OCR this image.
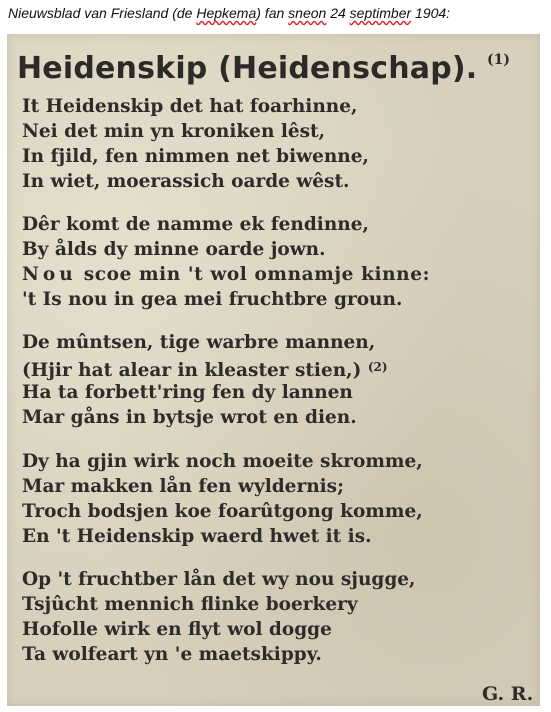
Nieuwsblad van Friesland (de Hepkema) fan sneon 24 septimber 1904:
Heidenskip (Heidenschap). (1)
It Heidenskip det hat foarhinne,
Nei det min yn kroniken lêst,
In fjild, fen nimmen net biwenne,
In wiet, moerassich oarde wêst.
Dêr komt de namme ek fendinne,
By ålds dy minne oarde jown.
Nou scoe min 't wol omnamje kinne:
't Is nou in gea mei fruchtbre groun.
De mûntsen, tige warbre mannen,
(Hjir hat alear in kleaster stien,) $^{(2)}$
Ha ta forbett'ring fen dy lannen
Mar gåns in bytsje wrot en dien.
Dy ha gjin wirk noch moeite skromme,
Mar makken lån fen wyldernis;
Troch bodsjen koe foarûtgong komme,
En 't Heidenskip waerd hwet it is.
Op 't fruchtber lån det wy nou sjugge,
Tsjûcht mennich flinke boerkery
Hofolle wirk en flyt wol dogge
Ta wolfeart yn 'e maetskippy.
G. R.
